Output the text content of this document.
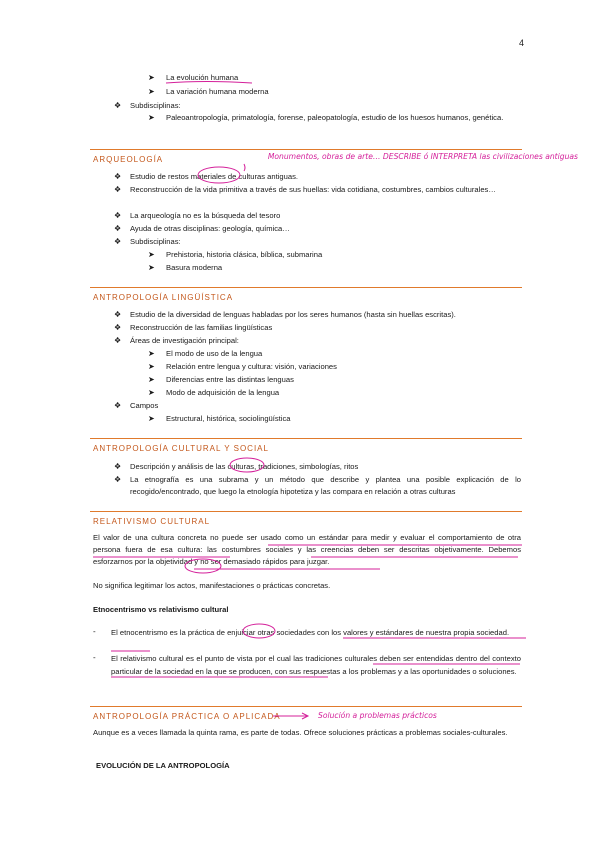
4
➤ La evolución humana
➤ La variación humana moderna
❖ Subdisciplinas:
➤ Paleoantropología, primatología, forense, paleopatología, estudio de los huesos humanos, genética.
ARQUEOLOGÍA	Monumentos, obras de arte… DESCRIBE ó INTERPRETA las civilizaciones antiguas
❖ Estudio de restos materiales de culturas antiguas.
❖ Reconstrucción de la vida primitiva a través de sus huellas: vida cotidiana, costumbres, cambios culturales…
❖ La arqueología no es la búsqueda del tesoro
❖ Ayuda de otras disciplinas: geología, química…
❖ Subdisciplinas:
➤ Prehistoria, historia clásica, bíblica, submarina
➤ Basura moderna
ANTROPOLOGÍA LINGÜÍSTICA
❖ Estudio de la diversidad de lenguas habladas por los seres humanos (hasta sin huellas escritas).
❖ Reconstrucción de las familias lingüísticas
❖ Áreas de investigación principal:
➤ El modo de uso de la lengua
➤ Relación entre lengua y cultura: visión, variaciones
➤ Diferencias entre las distintas lenguas
➤ Modo de adquisición de la lengua
❖ Campos
➤ Estructural, histórica, sociolingüística
ANTROPOLOGÍA CULTURAL Y SOCIAL
❖ Descripción y análisis de las culturas, tradiciones, simbologías, ritos
❖ La etnografía es una subrama y un método que describe y plantea una posible explicación de lo recogido/encontrado, que luego la etnología hipotetiza y las compara en relación a otras culturas
RELATIVISMO CULTURAL
El valor de una cultura concreta no puede ser usado como un estándar para medir y evaluar el comportamiento de otra persona fuera de esa cultura: las costumbres sociales y las creencias deben ser descritas objetivamente. Debemos esforzarnos por la objetividad y no ser demasiado rápidos para juzgar.
No significa legitimar los actos, manifestaciones o prácticas concretas.
Etnocentrismo vs relativismo cultural
- El etnocentrismo es la práctica de enjuiciar otras sociedades con los valores y estándares de nuestra propia sociedad.
- El relativismo cultural es el punto de vista por el cual las tradiciones culturales deben ser entendidas dentro del contexto particular de la sociedad en la que se producen, con sus respuestas a los problemas y a las oportunidades o soluciones.
ANTROPOLOGÍA PRÁCTICA O APLICADA	Solución a problemas prácticos
Aunque es a veces llamada la quinta rama, es parte de todas. Ofrece soluciones prácticas a problemas sociales-culturales.
EVOLUCIÓN DE LA ANTROPOLOGÍA
